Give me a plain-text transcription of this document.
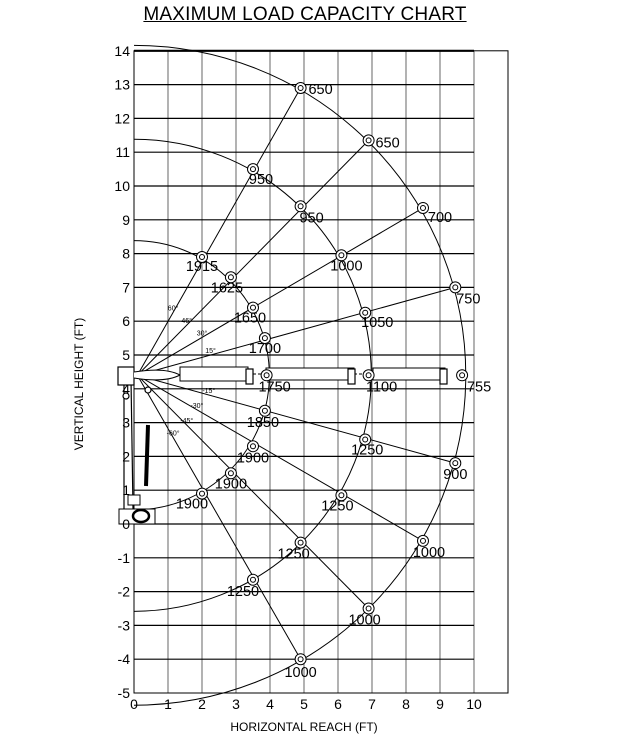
MAXIMUM LOAD CAPACITY CHART
60°
46°
30°
15°
-15°
-30°
-45°
-60°
1915
1625
1650
1700
1750
1850
1900
1900
1900
950
950
1000
1050
1100
1250
1250
1250
1250
650
650
700
750
755
900
1000
1000
1000
0 1 2 3 4 5 6 7 8 9 10
-5
-4
-3
-2
-1
0
1
2
3
4
5
6
7
8
9
10
11
12
13
14
HORIZONTAL REACH (FT)
VERTICAL HEIGHT (FT)
